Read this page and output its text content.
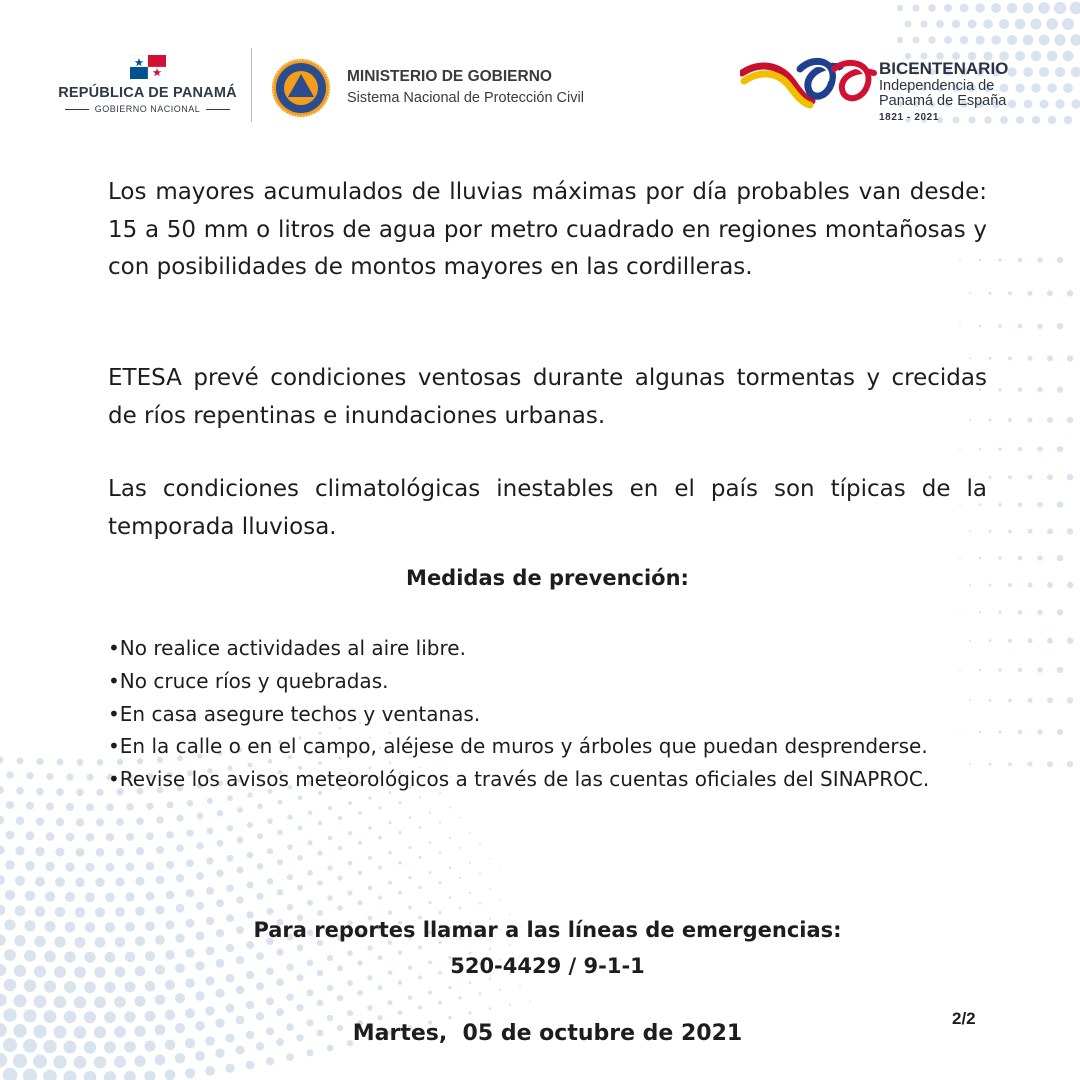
REPÚBLICA DE PANAMÁ
GOBIERNO NACIONAL
MINISTERIO DE GOBIERNO
Sistema Nacional de Protección Civil
BICENTENARIO
Independencia de
Panamá de España
1821 - 2021

Los mayores acumulados de lluvias máximas por día probables van desde: 15 a 50 mm o litros de agua por metro cuadrado en regiones montañosas y con posibilidades de montos mayores en las cordilleras.

ETESA prevé condiciones ventosas durante algunas tormentas y crecidas de ríos repentinas e inundaciones urbanas.

Las condiciones climatológicas inestables en el país son típicas de la temporada lluviosa.

Medidas de prevención:

•No realice actividades al aire libre.

•No cruce ríos y quebradas.

•En casa asegure techos y ventanas.

•En la calle o en el campo, aléjese de muros y árboles que puedan desprenderse.

•Revise los avisos meteorológicos a través de las cuentas oficiales del SINAPROC.

Para reportes llamar a las líneas de emergencias:
520-4429 / 9-1-1
2/2
Martes,  05 de octubre de 2021
